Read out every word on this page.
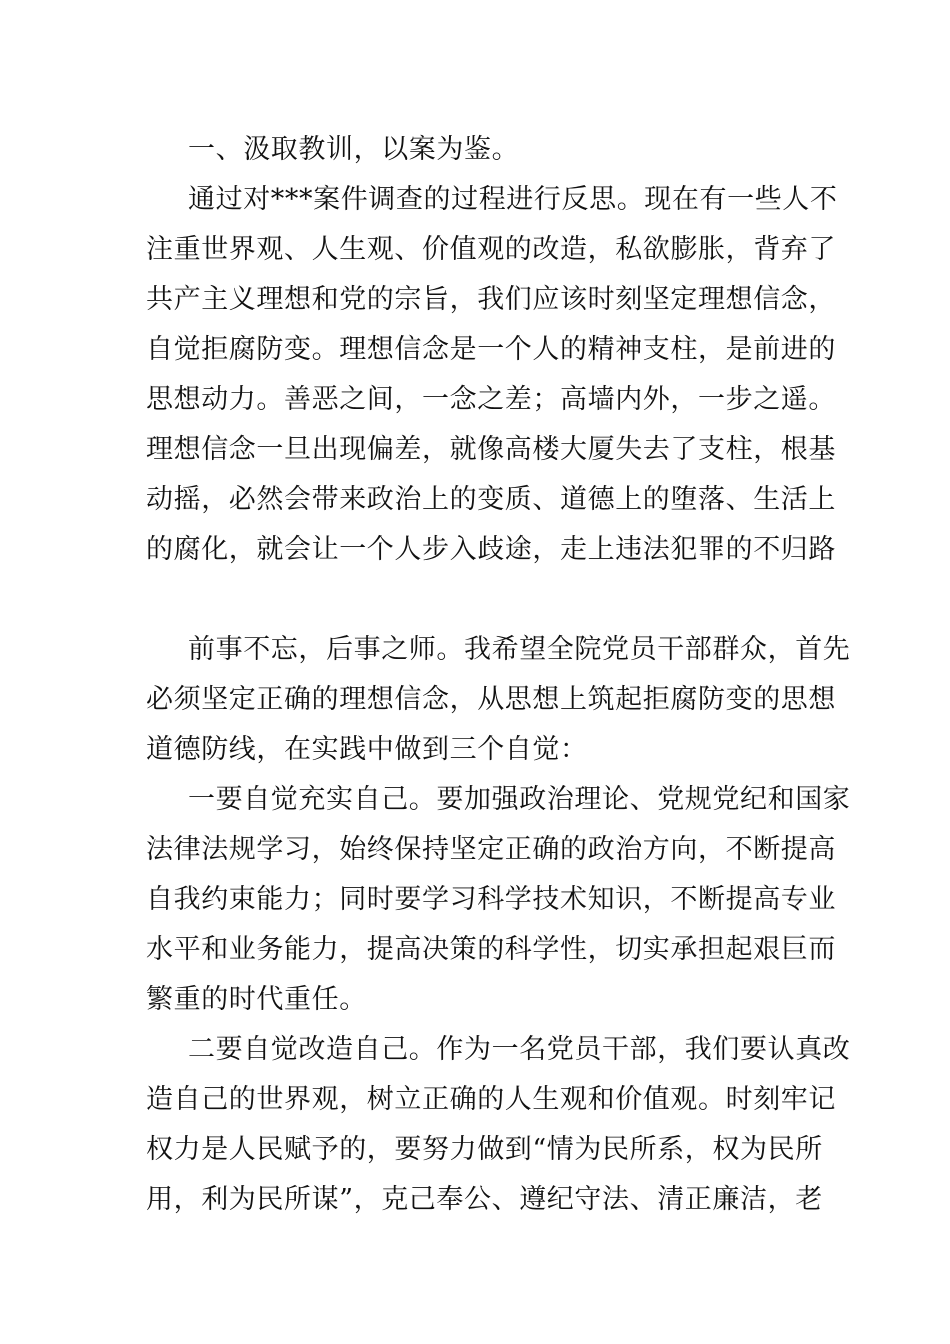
一、汲取教训，以案为鉴。

通过对***案件调查的过程进行反思。现在有一些人不

注重世界观、人生观、价值观的改造，私欲膨胀，背弃了

共产主义理想和党的宗旨，我们应该时刻坚定理想信念，

自觉拒腐防变。理想信念是一个人的精神支柱，是前进的

思想动力。善恶之间，一念之差；高墙内外，一步之遥。

理想信念一旦出现偏差，就像高楼大厦失去了支柱，根基

动摇，必然会带来政治上的变质、道德上的堕落、生活上

的腐化，就会让一个人步入歧途，走上违法犯罪的不归路

前事不忘，后事之师。我希望全院党员干部群众，首先

必须坚定正确的理想信念，从思想上筑起拒腐防变的思想

道德防线，在实践中做到三个自觉：

一要自觉充实自己。要加强政治理论、党规党纪和国家

法律法规学习，始终保持坚定正确的政治方向，不断提高

自我约束能力；同时要学习科学技术知识，不断提高专业

水平和业务能力，提高决策的科学性，切实承担起艰巨而

繁重的时代重任。

二要自觉改造自己。作为一名党员干部，我们要认真改

造自己的世界观，树立正确的人生观和价值观。时刻牢记

权力是人民赋予的，要努力做到“情为民所系，权为民所

用，利为民所谋”，克己奉公、遵纪守法、清正廉洁，老
